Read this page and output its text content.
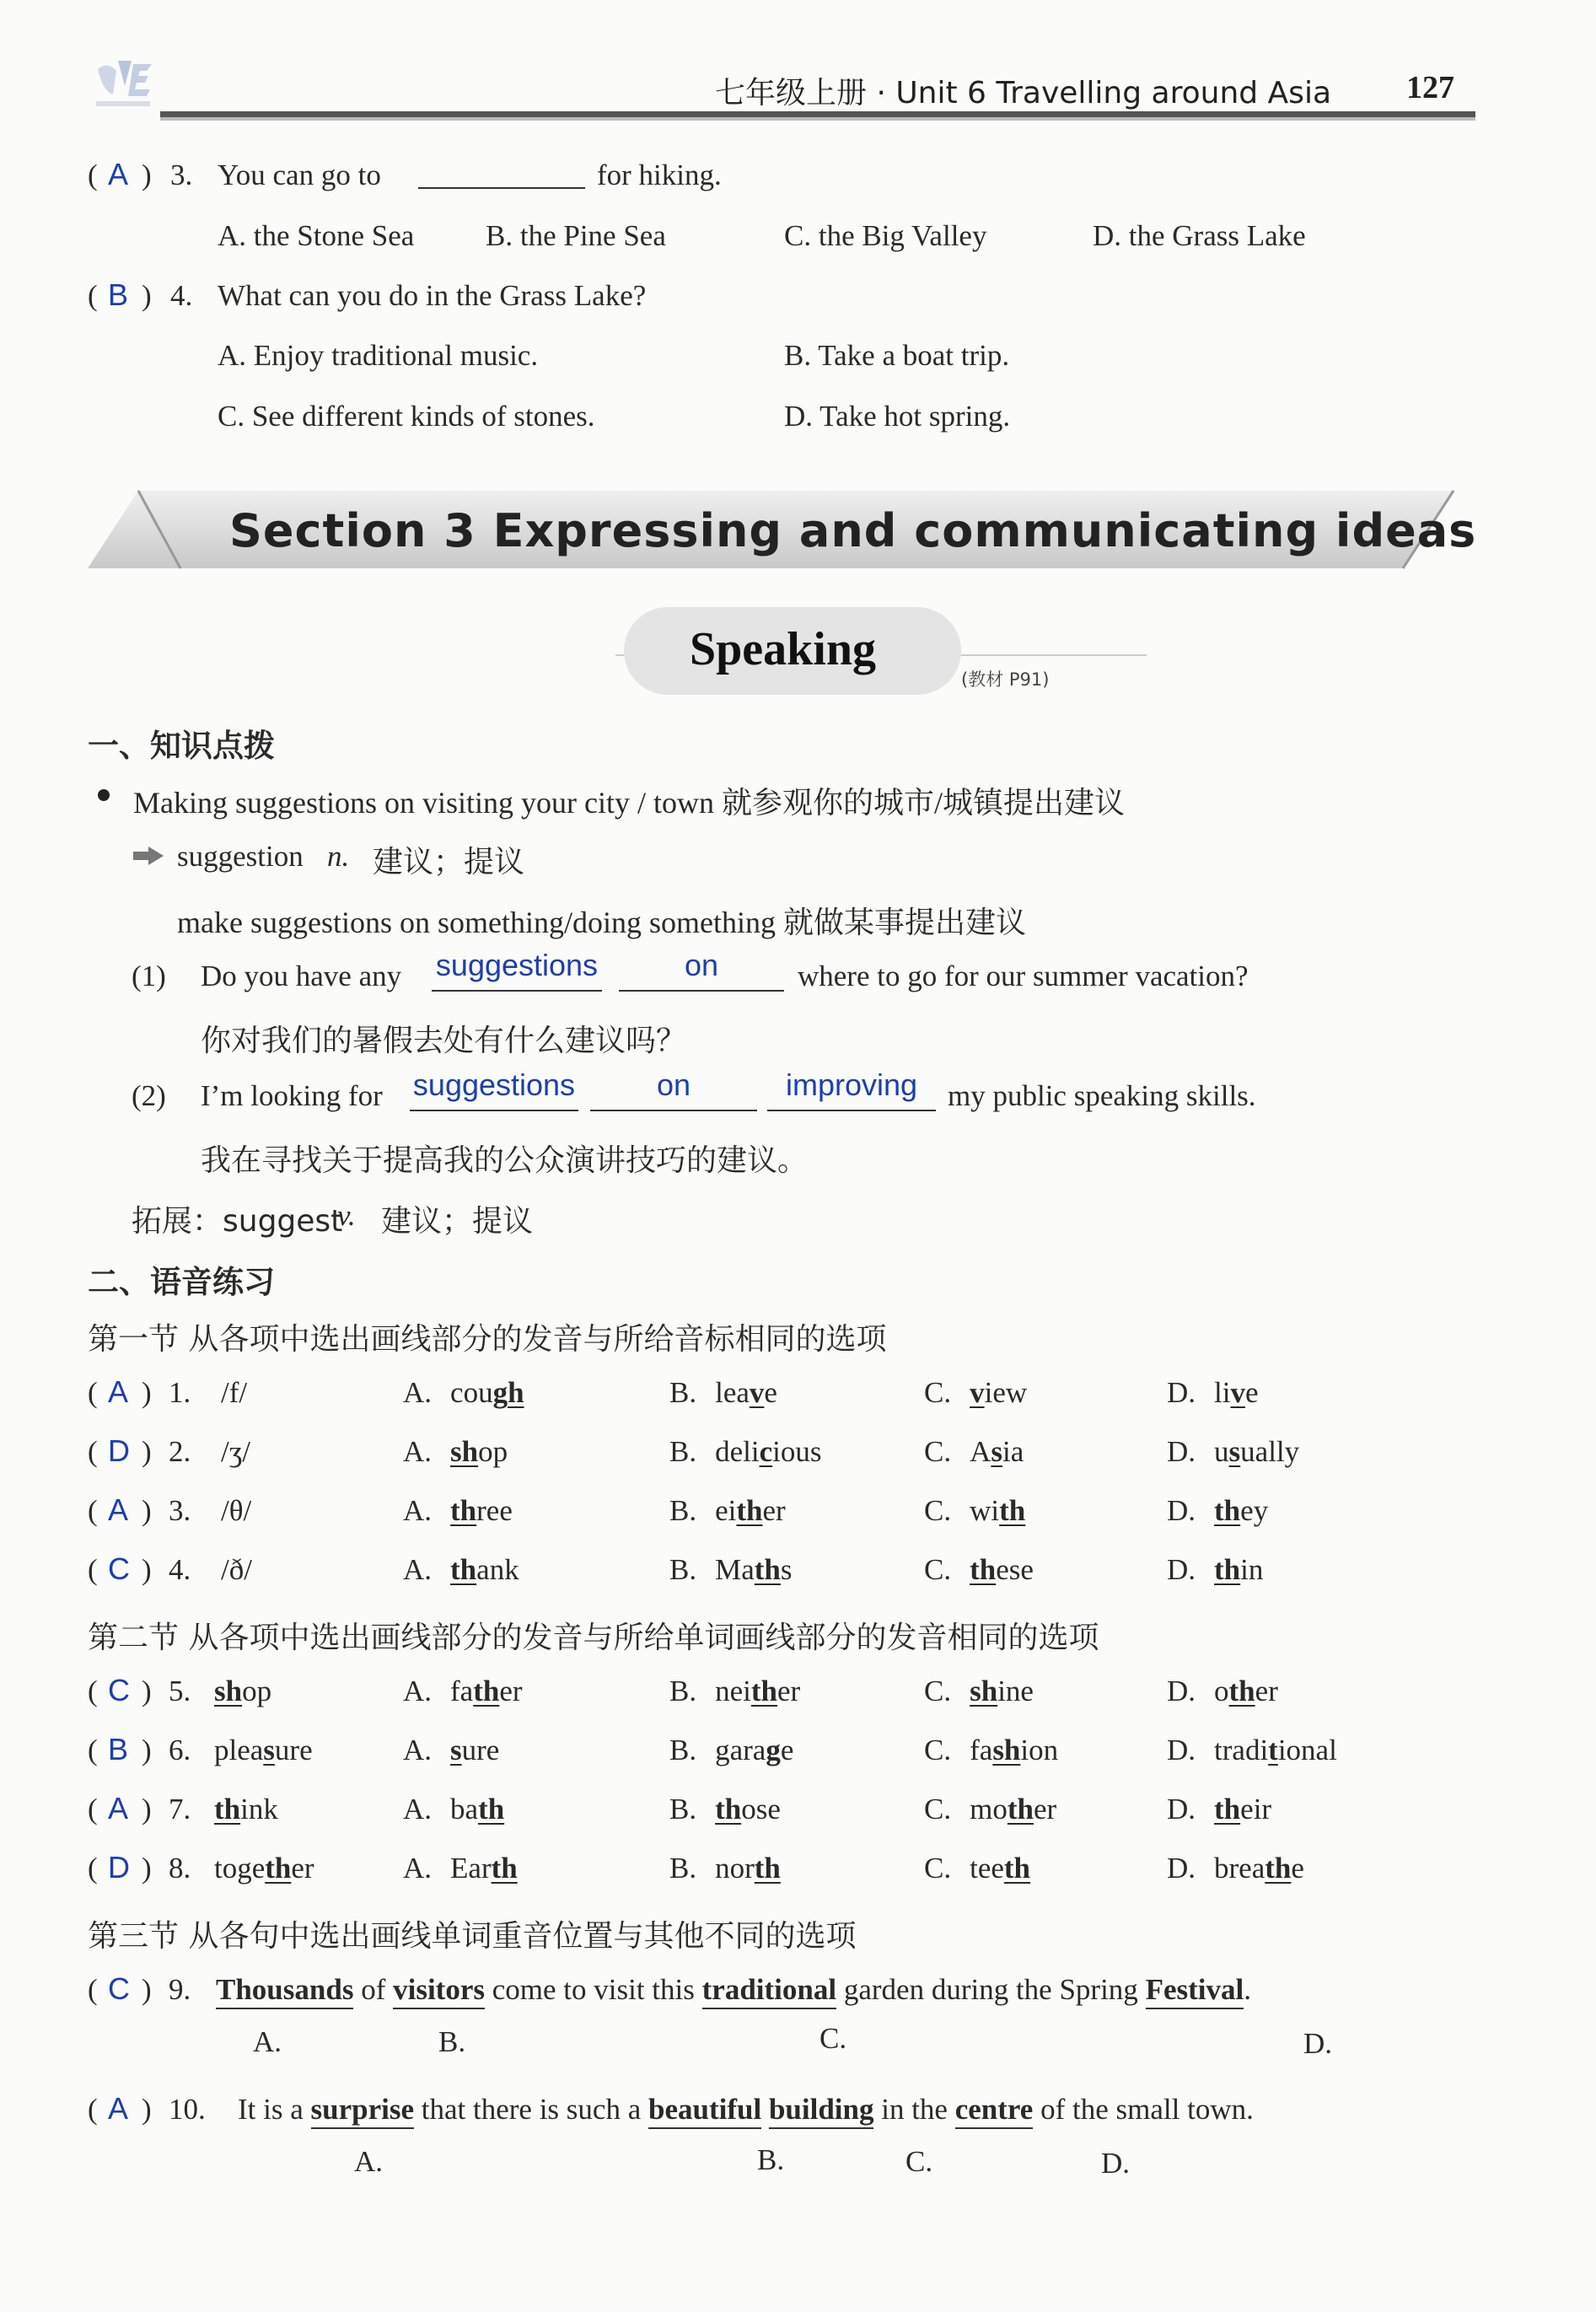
七年级上册 · Unit 6 Travelling around Asia 127
( A ) 3. You can go to	for hiking.
A. the Stone Sea B. the Pine Sea	C. the Big Valley	D. the Grass Lake
( B ) 4. What can you do in the Grass Lake?
A. Enjoy traditional music.	B. Take a boat trip.
C. See different kinds of stones.	D. Take hot spring.
Section 3 Expressing and communicating ideas
Speaking
(教材 P91)
一、知识点拨
Making suggestions on visiting your city / town 就参观你的城市/城镇提出建议
suggestion n. 建议；提议
make suggestions on something/doing something 就做某事提出建议
(1) Do you have any suggestions	on	where to go for our summer vacation?
你对我们的暑假去处有什么建议吗？
(2) I’m looking for suggestions	on	improving	my public speaking skills.
我在寻找关于提高我的公众演讲技巧的建议。
拓展：suggest
v. 建议；提议
二、语音练习
第一节 从各项中选出画线部分的发音与所给音标相同的选项
第二节 从各项中选出画线部分的发音与所给单词画线部分的发音相同的选项
第三节 从各句中选出画线单词重音位置与其他不同的选项
( A ) 1. /f/	A. cough	B. leave	C. view	D. live
( D ) 2. /ʒ/	A. shop	B. delicious	C. Asia	D. usually
( A ) 3. /θ/	A. three	B. either	C. with	D. they
( C ) 4. /ð/	A. thank	B. Maths	C. these	D. thin
( C ) 5. shop	A. father	B. neither	C. shine	D. other
( B ) 6. pleasure	A. sure	B. garage	C. fashion	D. traditional
( A ) 7. think	A. bath	B. those	C. mother	D. their
( D ) 8. together	A. Earth	B. north	C. teeth	D. breathe
( C ) 9. Thousands of visitors come to visit this traditional garden during the Spring Festival.
A.	B.	C.	D.
( A ) 10. It is a surprise that there is such a beautiful building in the centre of the small town.
A.	B.	C.	D.
